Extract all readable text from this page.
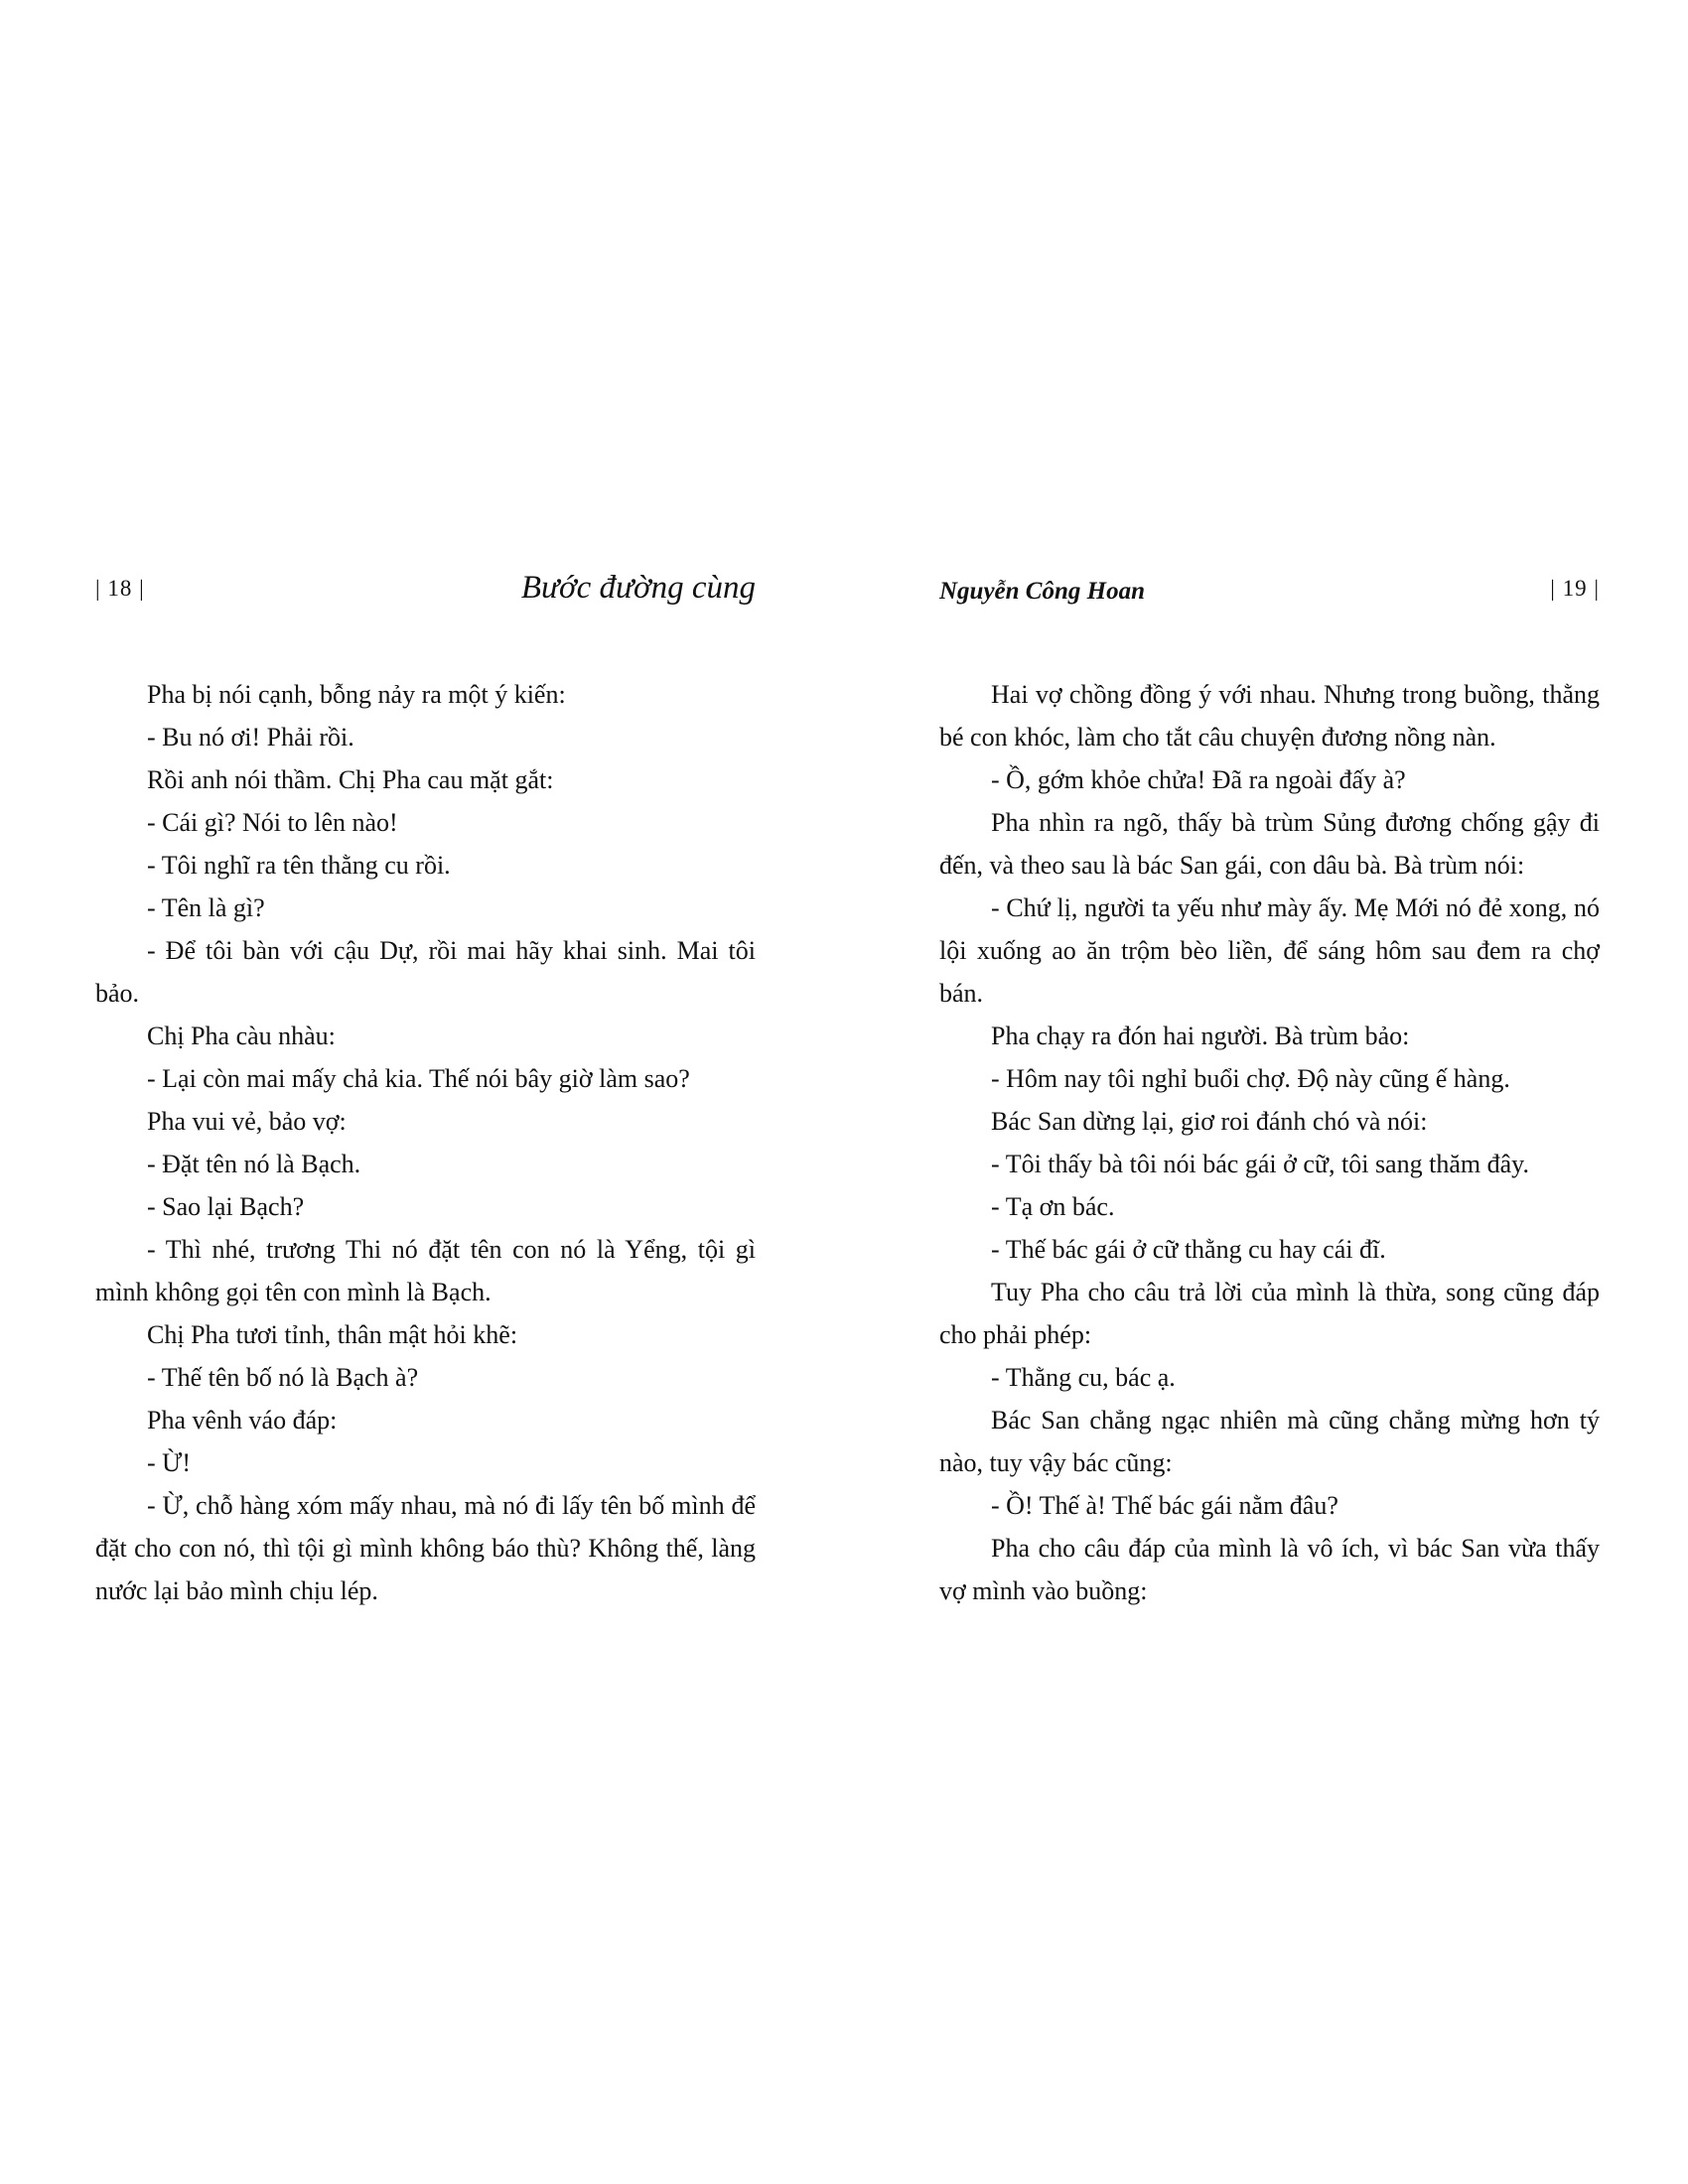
| 18 |	Bước đường cùng

Pha bị nói cạnh, bỗng nảy ra một ý kiến:

- Bu nó ơi! Phải rồi.

Rồi anh nói thầm. Chị Pha cau mặt gắt:

- Cái gì? Nói to lên nào!

- Tôi nghĩ ra tên thằng cu rồi.

- Tên là gì?

- Để tôi bàn với cậu Dự, rồi mai hãy khai sinh. Mai tôi bảo.

Chị Pha càu nhàu:

- Lại còn mai mấy chả kia. Thế nói bây giờ làm sao?

Pha vui vẻ, bảo vợ:

- Đặt tên nó là Bạch.

- Sao lại Bạch?

- Thì nhé, trương Thi nó đặt tên con nó là Yểng, tội gì mình không gọi tên con mình là Bạch.

Chị Pha tươi tỉnh, thân mật hỏi khẽ:

- Thế tên bố nó là Bạch à?

Pha vênh váo đáp:

- Ừ!

- Ừ, chỗ hàng xóm mấy nhau, mà nó đi lấy tên bố mình để đặt cho con nó, thì tội gì mình không báo thù? Không thế, làng nước lại bảo mình chịu lép.

Nguyễn Công Hoan	| 19 |

Hai vợ chồng đồng ý với nhau. Nhưng trong buồng, thằng bé con khóc, làm cho tắt câu chuyện đương nồng nàn.

- Ồ, gớm khỏe chửa! Đã ra ngoài đấy à?

Pha nhìn ra ngõ, thấy bà trùm Sủng đương chống gậy đi đến, và theo sau là bác San gái, con dâu bà. Bà trùm nói:

- Chứ lị, người ta yếu như mày ấy. Mẹ Mới nó đẻ xong, nó lội xuống ao ăn trộm bèo liền, để sáng hôm sau đem ra chợ bán.

Pha chạy ra đón hai người. Bà trùm bảo:

- Hôm nay tôi nghỉ buổi chợ. Độ này cũng ế hàng.

Bác San dừng lại, giơ roi đánh chó và nói:

- Tôi thấy bà tôi nói bác gái ở cữ, tôi sang thăm đây.

- Tạ ơn bác.

- Thế bác gái ở cữ thằng cu hay cái đĩ.

Tuy Pha cho câu trả lời của mình là thừa, song cũng đáp cho phải phép:

- Thằng cu, bác ạ.

Bác San chẳng ngạc nhiên mà cũng chẳng mừng hơn tý nào, tuy vậy bác cũng:

- Ồ! Thế à! Thế bác gái nằm đâu?

Pha cho câu đáp của mình là vô ích, vì bác San vừa thấy vợ mình vào buồng:
